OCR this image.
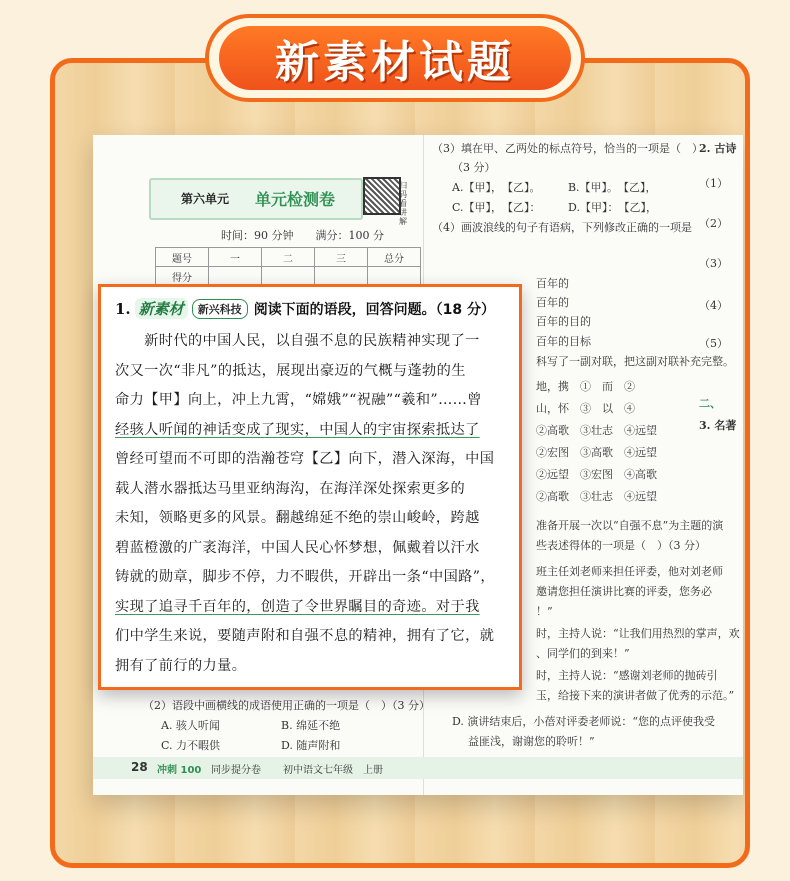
新素材试题
第六单元 单元检测卷
扫码看讲解
时间：90 分钟　　满分：100 分
题号	一	二	三	总分
得分				
（3）填在甲、乙两处的标点符号，恰当的一项是（　）
（3 分）
A.【甲】，　【乙】。　　　B.【甲】。　【乙】，
C.【甲】，　【乙】：　　　D.【甲】：　【乙】，
（4）画波浪线的句子有语病，下列修改正确的一项是
百年的
百年的
百年的目的
百年的目标
科写了一副对联，把这副对联补充完整。
地，携　①　而　②
山，怀　③　以　④
②高歌　③壮志　④远望
②宏图　③高歌　④远望
②远望　③宏图　④高歌
②高歌　③壮志　④远望
准备开展一次以“自强不息”为主题的演
些表述得体的一项是（　）（3 分）
班主任刘老师来担任评委，他对刘老师
邀请您担任演讲比赛的评委，您务必
！”
时，主持人说：“让我们用热烈的掌声，欢
、同学们的到来！”
时，主持人说：“感谢刘老师的抛砖引
玉，给接下来的演讲者做了优秀的示范。”
D. 演讲结束后，小蓓对评委老师说：“您的点评使我受
益匪浅，谢谢您的聆听！”
2. 古诗
（1）
（2）
（3）
（4）
（5）
二、
3. 名著
（2）语段中画横线的成语使用正确的一项是（　）（3 分）
A. 骇人听闻	B. 绵延不绝
C. 力不暇供	D. 随声附和
28 冲刺 100 同步提分卷 初中语文七年级　上册
1. 新素材	新兴科技 阅读下面的语段，回答问题。（18 分）

　　新时代的中国人民，以自强不息的民族精神实现了一

次又一次“非凡”的抵达，展现出豪迈的气概与蓬勃的生

命力【甲】向上，冲上九霄，“嫦娥”“祝融”“羲和”……曾

经骇人听闻的神话变成了现实，中国人的宇宙探索抵达了

曾经可望而不可即的浩瀚苍穹【乙】向下，潜入深海，中国

载人潜水器抵达马里亚纳海沟，在海洋深处探索更多的

未知，领略更多的风景。翻越绵延不绝的崇山峻岭，跨越

碧蓝橙激的广袤海洋，中国人民心怀梦想，佩戴着以汗水

铸就的勋章，脚步不停，力不暇供，开辟出一条“中国路”，

实现了追寻千百年的，创造了令世界瞩目的奇迹。对于我

们中学生来说，要随声附和自强不息的精神，拥有了它，就

拥有了前行的力量。
